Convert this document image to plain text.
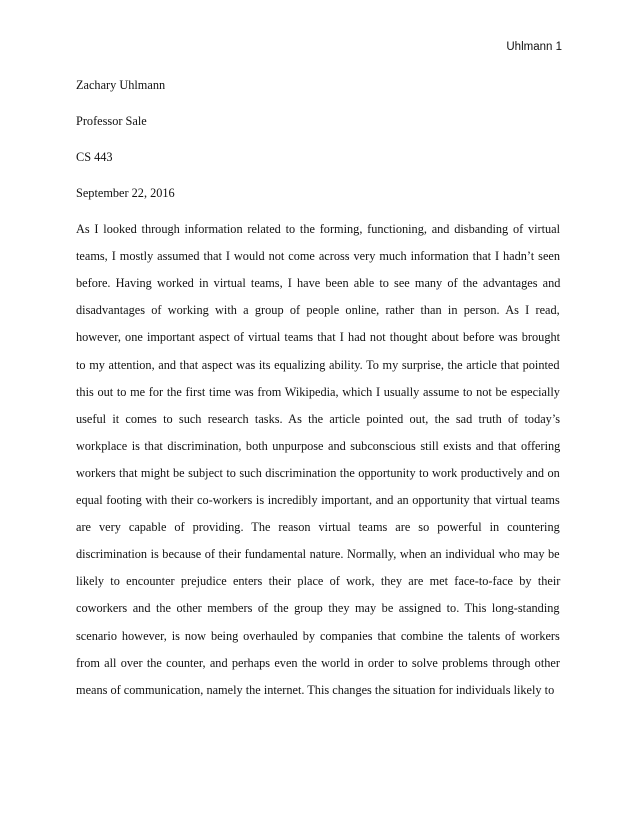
Uhlmann 1
Zachary Uhlmann
Professor Sale
CS 443
September 22, 2016
As I looked through information related to the forming, functioning, and disbanding of virtual
teams, I mostly assumed that I would not come across very much information that I hadn’t seen
before. Having worked in virtual teams, I have been able to see many of the advantages and
disadvantages of working with a group of people online, rather than in person. As I read,
however, one important aspect of virtual teams that I had not thought about before was brought
to my attention, and that aspect was its equalizing ability. To my surprise, the article that pointed
this out to me for the first time was from Wikipedia, which I usually assume to not be especially
useful it comes to such research tasks. As the article pointed out, the sad truth of today’s
workplace is that discrimination, both unpurpose and subconscious still exists and that offering
workers that might be subject to such discrimination the opportunity to work productively and on
equal footing with their co-workers is incredibly important, and an opportunity that virtual teams
are very capable of providing. The reason virtual teams are so powerful in countering
discrimination is because of their fundamental nature. Normally, when an individual who may be
likely to encounter prejudice enters their place of work, they are met face-to-face by their
coworkers and the other members of the group they may be assigned to. This long-standing
scenario however, is now being overhauled by companies that combine the talents of workers
from all over the counter, and perhaps even the world in order to solve problems through other
means of communication, namely the internet. This changes the situation for individuals likely to
